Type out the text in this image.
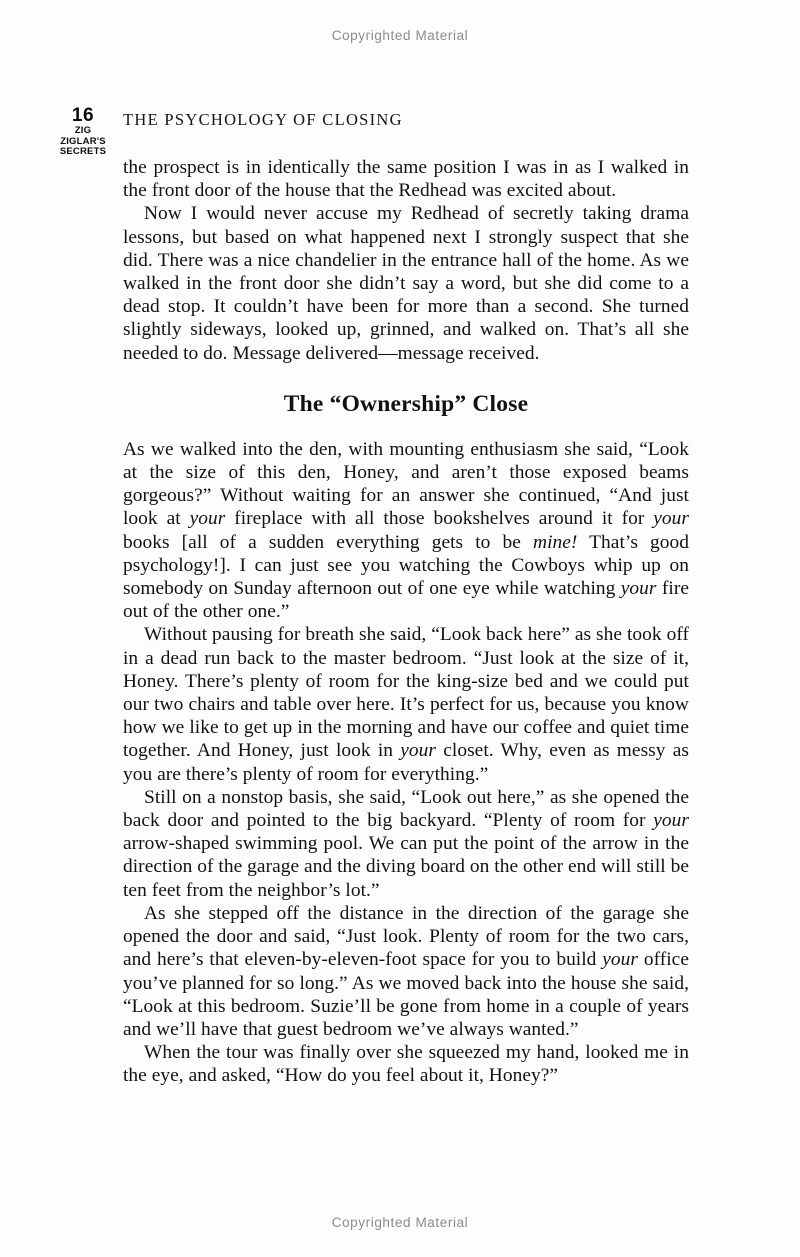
Copyrighted Material
16
ZIG
ZIGLAR'S
SECRETS
THE PSYCHOLOGY OF CLOSING

the prospect is in identically the same position I was in as I walked in the front door of the house that the Redhead was excited about.

Now I would never accuse my Redhead of secretly taking drama lessons, but based on what happened next I strongly suspect that she did. There was a nice chandelier in the entrance hall of the home. As we walked in the front door she didn’t say a word, but she did come to a dead stop. It couldn’t have been for more than a second. She turned slightly sideways, looked up, grinned, and walked on. That’s all she needed to do. Message delivered—message received.

The “Ownership” Close

As we walked into the den, with mounting enthusiasm she said, “Look at the size of this den, Honey, and aren’t those exposed beams gorgeous?” Without waiting for an answer she continued, “And just look at your fireplace with all those bookshelves around it for your books [all of a sudden everything gets to be mine! That’s good psychology!]. I can just see you watching the Cowboys whip up on somebody on Sunday afternoon out of one eye while watching your fire out of the other one.”

Without pausing for breath she said, “Look back here” as she took off in a dead run back to the master bedroom. “Just look at the size of it, Honey. There’s plenty of room for the king-size bed and we could put our two chairs and table over here. It’s perfect for us, because you know how we like to get up in the morning and have our coffee and quiet time together. And Honey, just look in your closet. Why, even as messy as you are there’s plenty of room for everything.”

Still on a nonstop basis, she said, “Look out here,” as she opened the back door and pointed to the big backyard. “Plenty of room for your arrow-shaped swimming pool. We can put the point of the arrow in the direction of the garage and the diving board on the other end will still be ten feet from the neighbor’s lot.”

As she stepped off the distance in the direction of the garage she opened the door and said, “Just look. Plenty of room for the two cars, and here’s that eleven-by-eleven-foot space for you to build your office you’ve planned for so long.” As we moved back into the house she said, “Look at this bedroom. Suzie’ll be gone from home in a couple of years and we’ll have that guest bedroom we’ve always wanted.”

When the tour was finally over she squeezed my hand, looked me in the eye, and asked, “How do you feel about it, Honey?”

Copyrighted Material
